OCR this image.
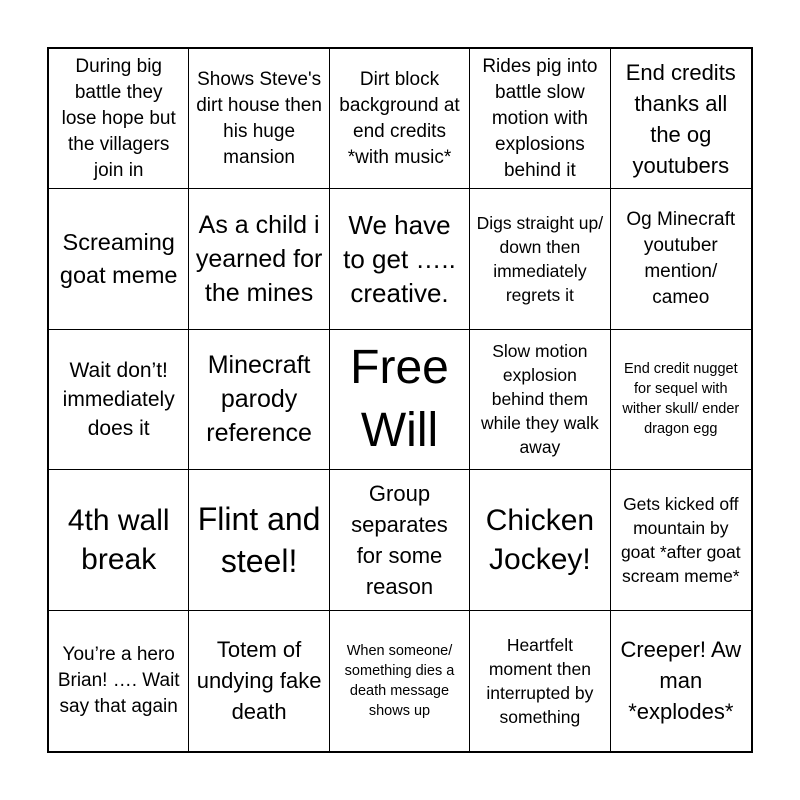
During big battle they lose hope but the villagers join in
Shows Steve's dirt house then his huge mansion
Dirt block background at end credits *with music*
Rides pig into battle slow motion with explosions behind it
End credits thanks all the og youtubers
Screaming goat meme
As a child i yearned for the mines
We have to get ….. creative.
Digs straight up/ down then immediately regrets it
Og Minecraft youtuber mention/ cameo
Wait don’t! immediately does it
Minecraft parody reference
Free Will
Slow motion explosion behind them while they walk away
End credit nugget for sequel with wither skull/ ender dragon egg
4th wall break
Flint and steel!
Group separates for some reason
Chicken Jockey!
Gets kicked off mountain by goat *after goat scream meme*
You’re a hero Brian! …. Wait say that again
Totem of undying fake death
When someone/ something dies a death message shows up
Heartfelt moment then interrupted by something
Creeper! Aw man *explodes*
